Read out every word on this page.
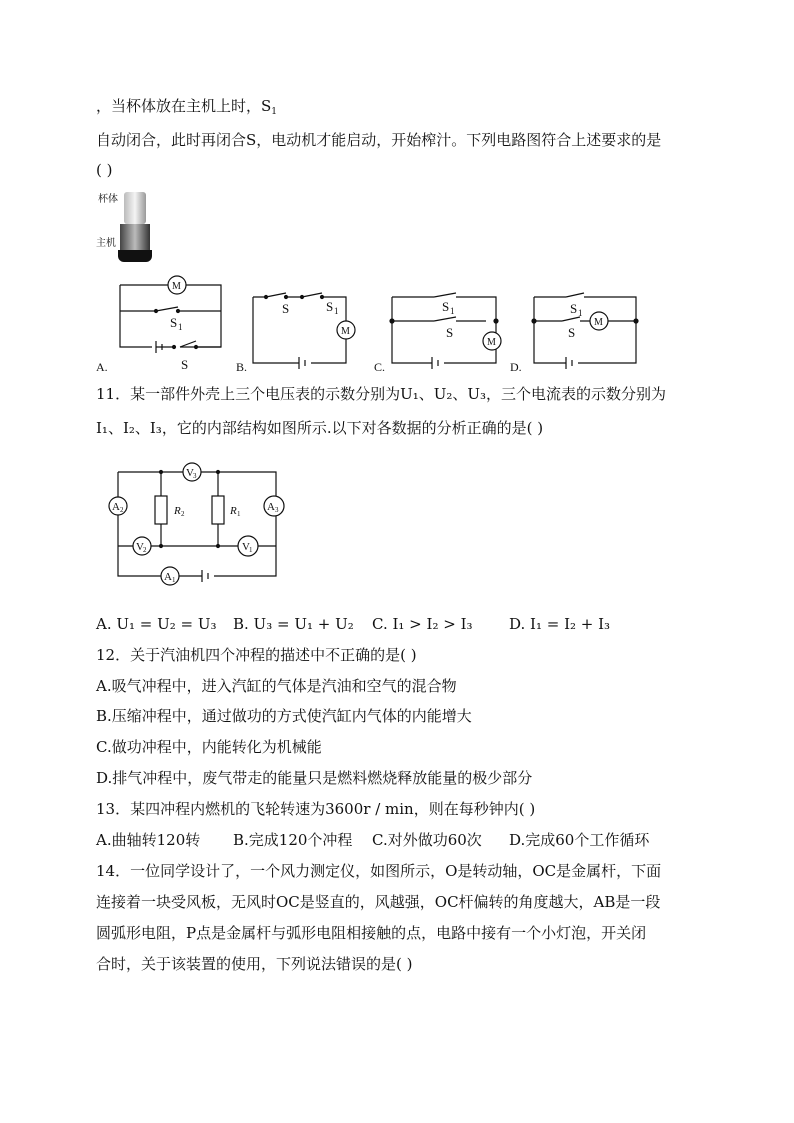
，当杯体放在主机上时，$S_1$
自动闭合，此时再闭合S，电动机才能启动，开始榨汁。下列电路图符合上述要求的是
( )
杯体
主机
A.
M
S 1
S	B.
M
S	S 1
C.
M
S 1
S
D.
M
S 1
S
11．某一部件外壳上三个电压表的示数分别为U₁、U₂、U₃，三个电流表的示数分别为
I₁、I₂、I₃，它的内部结构如图所示.以下对各数据的分析正确的是( )
V 3
A 2	R 2	R 1
A 3
V 2	V 1
A 1
A. U₁ = U₂ = U₃ B. U₃ = U₁ + U₂ C. I₁ > I₂ > I₃ D. I₁ = I₂ + I₃
12．关于汽油机四个冲程的描述中不正确的是( )
A.吸气冲程中，进入汽缸的气体是汽油和空气的混合物
B.压缩冲程中，通过做功的方式使汽缸内气体的内能增大
C.做功冲程中，内能转化为机械能
D.排气冲程中，废气带走的能量只是燃料燃烧释放能量的极少部分
13．某四冲程内燃机的飞轮转速为3600r / min，则在每秒钟内( )
A.曲轴转120转 B.完成120个冲程 C.对外做功60次 D.完成60个工作循环
14．一位同学设计了，一个风力测定仪，如图所示，O是转动轴，OC是金属杆，下面
连接着一块受风板，无风时OC是竖直的，风越强，OC杆偏转的角度越大，AB是一段
圆弧形电阻，P点是金属杆与弧形电阻相接触的点，电路中接有一个小灯泡，开关闭
合时，关于该装置的使用，下列说法错误的是( )
